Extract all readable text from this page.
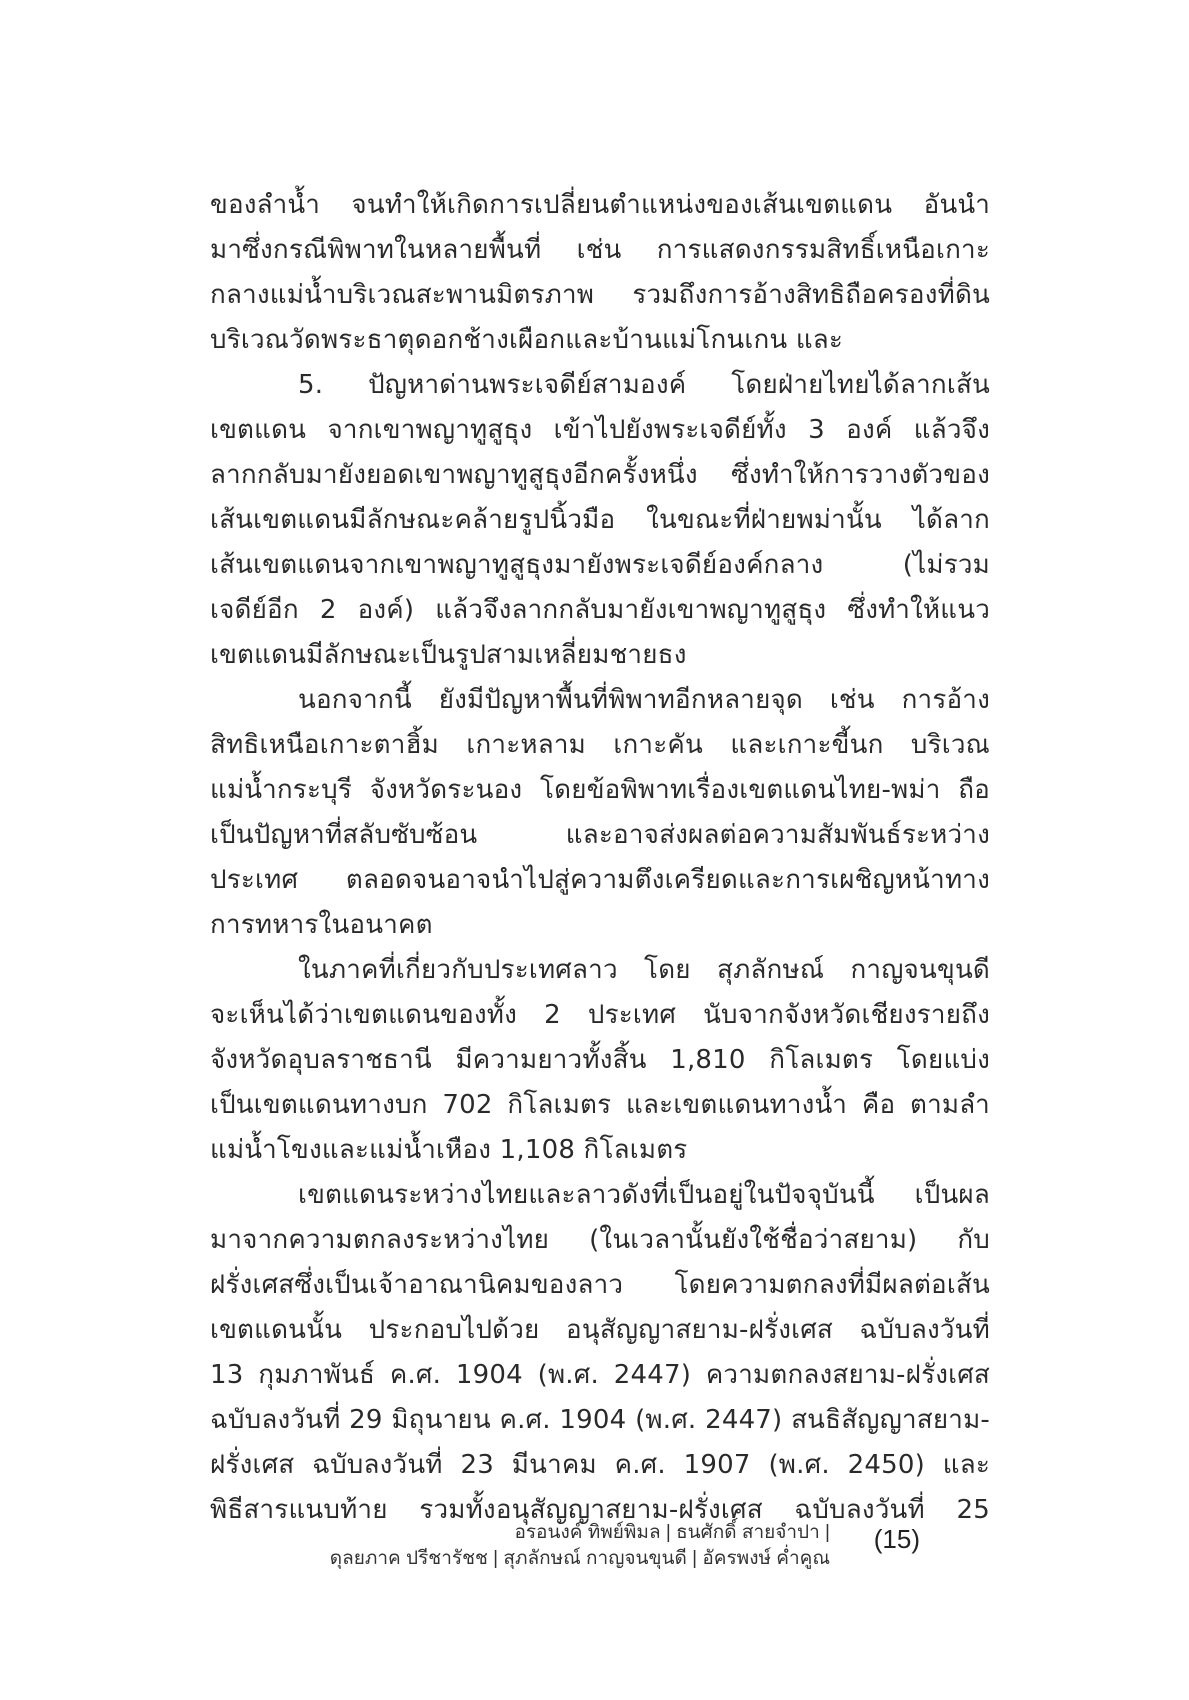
ของลำน้ำ จนทำให้เกิดการเปลี่ยนตำแหน่งของเส้นเขตแดน อันนำ
มาซึ่งกรณีพิพาทในหลายพื้นที่ เช่น การแสดงกรรมสิทธิ์เหนือเกาะ
กลางแม่น้ำบริเวณสะพานมิตรภาพ รวมถึงการอ้างสิทธิถือครองที่ดิน
บริเวณวัดพระธาตุดอกช้างเผือกและบ้านแม่โกนเกน และ
5. ปัญหาด่านพระเจดีย์สามองค์ โดยฝ่ายไทยได้ลากเส้น
เขตแดน จากเขาพญาทูสูธุง เข้าไปยังพระเจดีย์ทั้ง 3 องค์ แล้วจึง
ลากกลับมายังยอดเขาพญาทูสูธุงอีกครั้งหนึ่ง ซึ่งทำให้การวางตัวของ
เส้นเขตแดนมีลักษณะคล้ายรูปนิ้วมือ ในขณะที่ฝ่ายพม่านั้น ได้ลาก
เส้นเขตแดนจากเขาพญาทูสูธุงมายังพระเจดีย์องค์กลาง (ไม่รวม
เจดีย์อีก 2 องค์) แล้วจึงลากกลับมายังเขาพญาทูสูธุง ซึ่งทำให้แนว
เขตแดนมีลักษณะเป็นรูปสามเหลี่ยมชายธง
นอกจากนี้ ยังมีปัญหาพื้นที่พิพาทอีกหลายจุด เช่น การอ้าง
สิทธิเหนือเกาะตาฮิ้ม เกาะหลาม เกาะคัน และเกาะขี้นก บริเวณ
แม่น้ำกระบุรี จังหวัดระนอง โดยข้อพิพาทเรื่องเขตแดนไทย-พม่า ถือ
เป็นปัญหาที่สลับซับซ้อน และอาจส่งผลต่อความสัมพันธ์ระหว่าง
ประเทศ ตลอดจนอาจนำไปสู่ความตึงเครียดและการเผชิญหน้าทาง
การทหารในอนาคต
ในภาคที่เกี่ยวกับประเทศลาว โดย สุภลักษณ์ กาญจนขุนดี
จะเห็นได้ว่าเขตแดนของทั้ง 2 ประเทศ นับจากจังหวัดเชียงรายถึง
จังหวัดอุบลราชธานี มีความยาวทั้งสิ้น 1,810 กิโลเมตร โดยแบ่ง
เป็นเขตแดนทางบก 702 กิโลเมตร และเขตแดนทางน้ำ คือ ตามลำ
แม่น้ำโขงและแม่น้ำเหือง 1,108 กิโลเมตร
เขตแดนระหว่างไทยและลาวดังที่เป็นอยู่ในปัจจุบันนี้ เป็นผล
มาจากความตกลงระหว่างไทย (ในเวลานั้นยังใช้ชื่อว่าสยาม) กับ
ฝรั่งเศสซึ่งเป็นเจ้าอาณานิคมของลาว โดยความตกลงที่มีผลต่อเส้น
เขตแดนนั้น ประกอบไปด้วย อนุสัญญาสยาม-ฝรั่งเศส ฉบับลงวันที่
13 กุมภาพันธ์ ค.ศ. 1904 (พ.ศ. 2447) ความตกลงสยาม-ฝรั่งเศส
ฉบับลงวันที่ 29 มิถุนายน ค.ศ. 1904 (พ.ศ. 2447) สนธิสัญญาสยาม-
ฝรั่งเศส ฉบับลงวันที่ 23 มีนาคม ค.ศ. 1907 (พ.ศ. 2450) และ
พิธีสารแนบท้าย รวมทั้งอนุสัญญาสยาม-ฝรั่งเศส ฉบับลงวันที่ 25
อรอนงค์ ทิพย์พิมล | ธนศักดิ์ สายจำปา |
ดุลยภาค ปรีชารัชช | สุภลักษณ์ กาญจนขุนดี | อัครพงษ์ ค่ำคูณ
(15)
